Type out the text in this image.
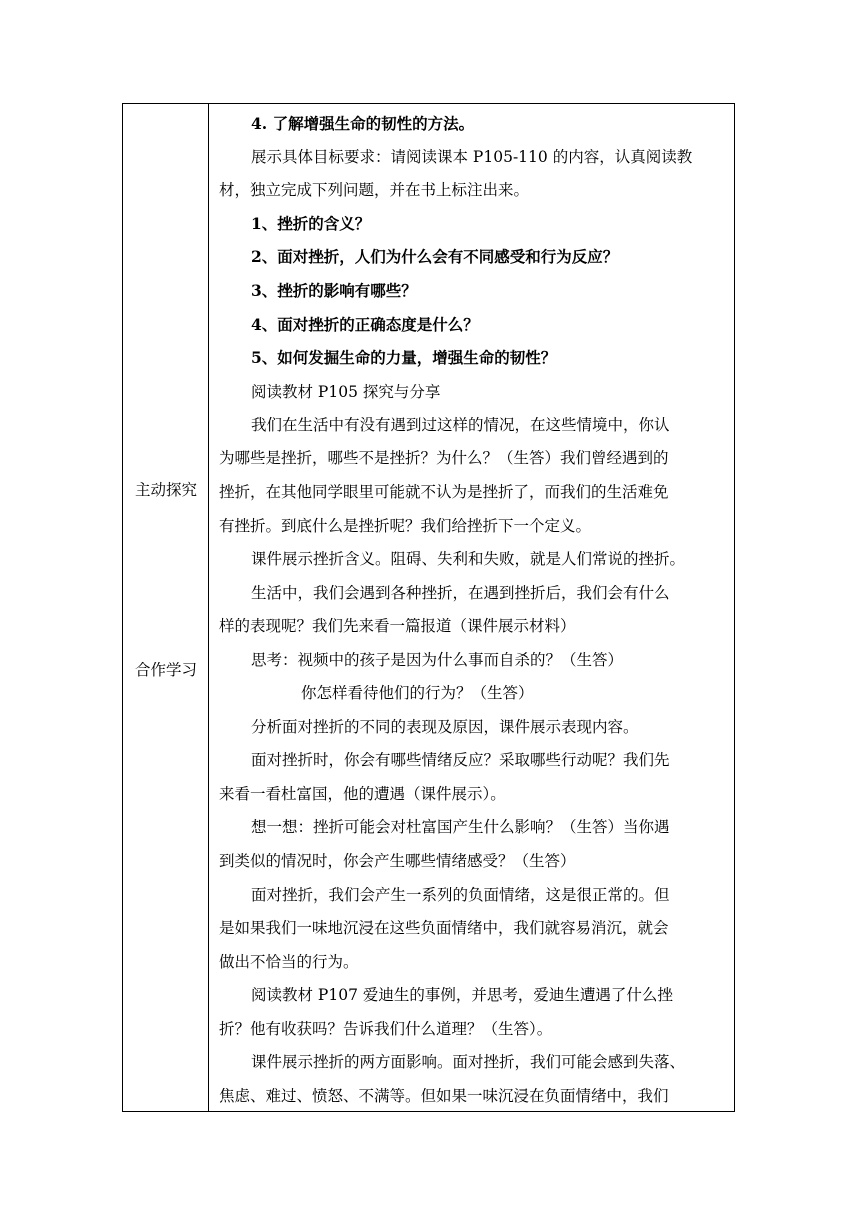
主动探究
合作学习
4. 了解增强生命的韧性的方法。
展示具体目标要求：请阅读课本 P105-110 的内容，认真阅读教
材，独立完成下列问题，并在书上标注出来。
1、挫折的含义？
2、面对挫折，人们为什么会有不同感受和行为反应？
3、挫折的影响有哪些？
4、面对挫折的正确态度是什么？
5、如何发掘生命的力量，增强生命的韧性？
阅读教材 P105 探究与分享
我们在生活中有没有遇到过这样的情况，在这些情境中，你认
为哪些是挫折，哪些不是挫折？为什么？（生答）我们曾经遇到的
挫折，在其他同学眼里可能就不认为是挫折了，而我们的生活难免
有挫折。到底什么是挫折呢？我们给挫折下一个定义。
课件展示挫折含义。阻碍、失利和失败，就是人们常说的挫折。
生活中，我们会遇到各种挫折，在遇到挫折后，我们会有什么
样的表现呢？我们先来看一篇报道（课件展示材料）
思考：视频中的孩子是因为什么事而自杀的？（生答）
你怎样看待他们的行为？（生答）
分析面对挫折的不同的表现及原因，课件展示表现内容。
面对挫折时，你会有哪些情绪反应？采取哪些行动呢？我们先
来看一看杜富国，他的遭遇（课件展示）。
想一想：挫折可能会对杜富国产生什么影响？（生答）当你遇
到类似的情况时，你会产生哪些情绪感受？（生答）
面对挫折，我们会产生一系列的负面情绪，这是很正常的。但
是如果我们一味地沉浸在这些负面情绪中，我们就容易消沉，就会
做出不恰当的行为。
阅读教材 P107 爱迪生的事例，并思考，爱迪生遭遇了什么挫
折？他有收获吗？告诉我们什么道理？（生答）。
课件展示挫折的两方面影响。面对挫折，我们可能会感到失落、
焦虑、难过、愤怒、不满等。但如果一味沉浸在负面情绪中，我们
